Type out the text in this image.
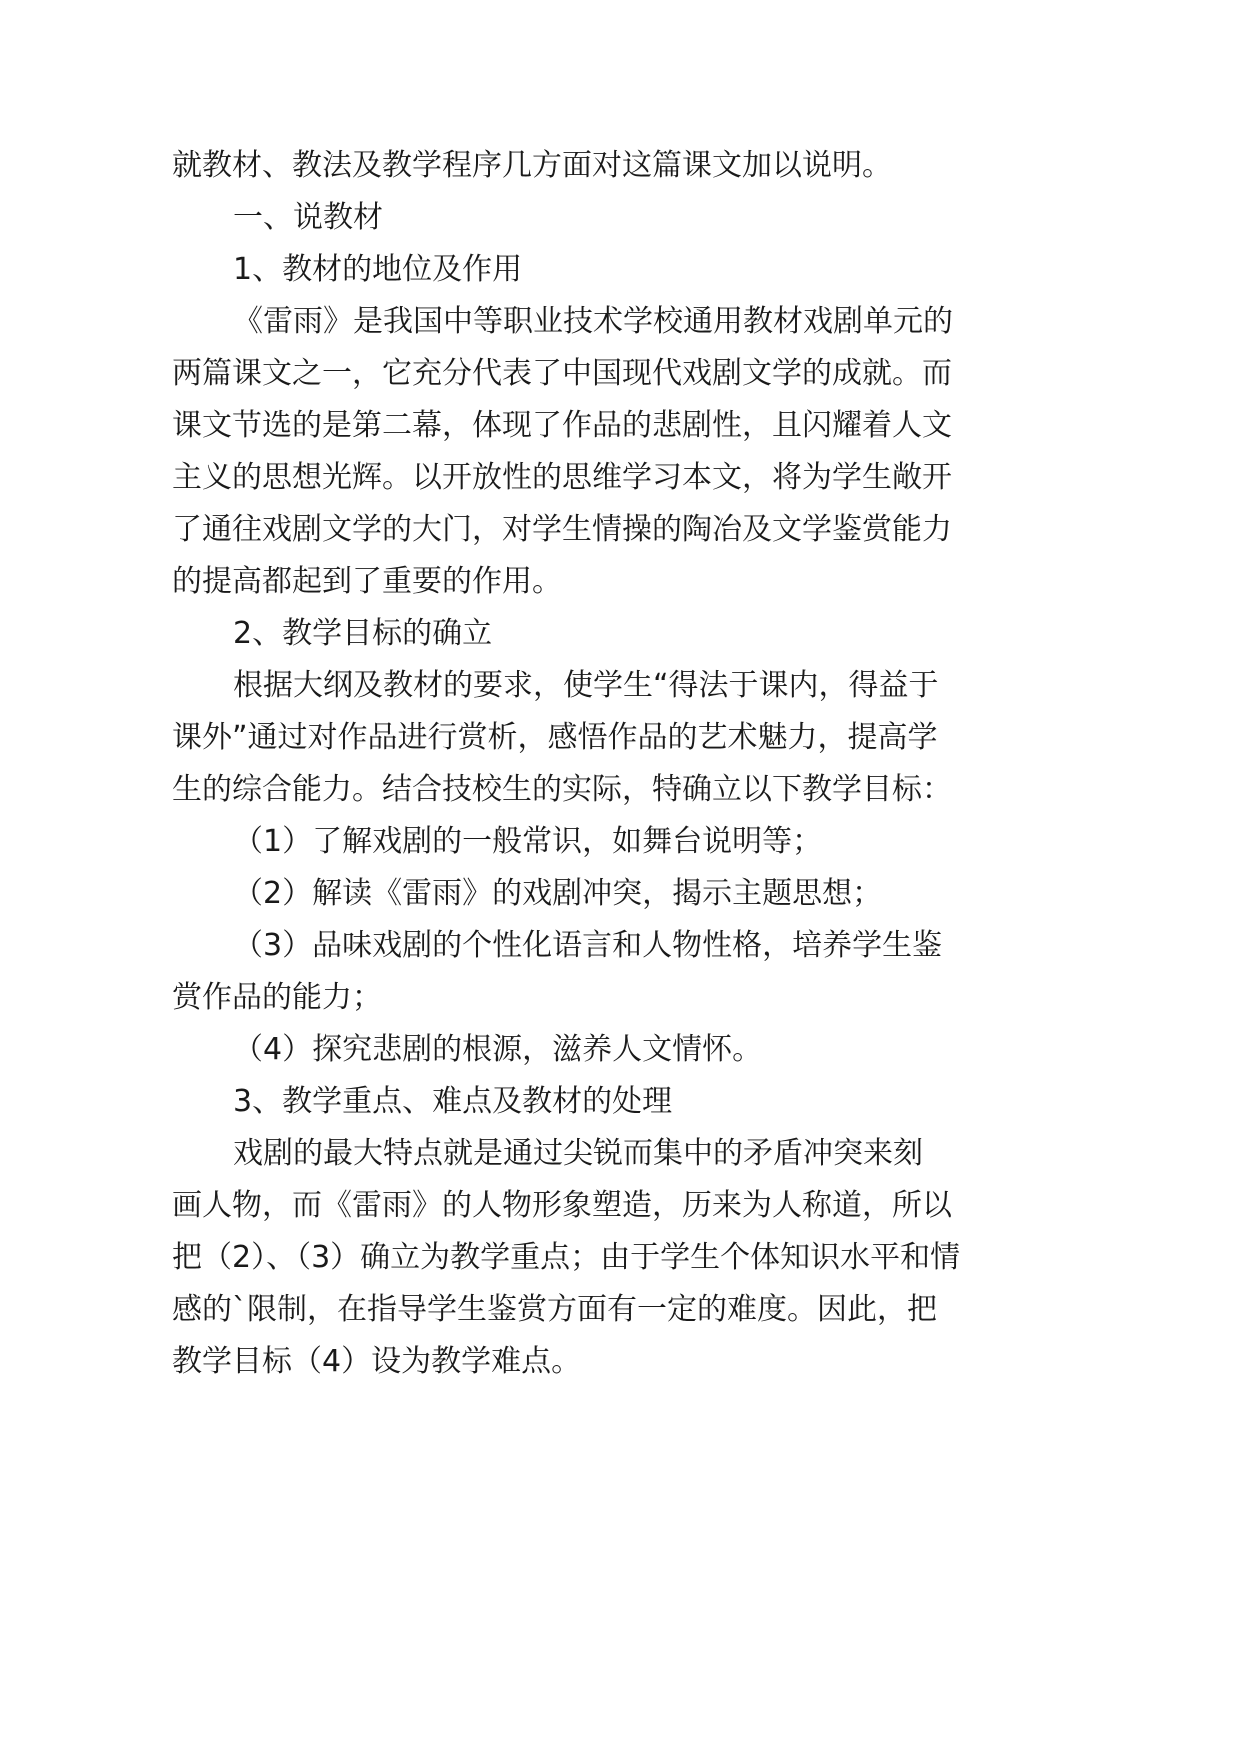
就教材、教法及教学程序几方面对这篇课文加以说明。

一、说教材

1、教材的地位及作用

《雷雨》是我国中等职业技术学校通用教材戏剧单元的

两篇课文之一，它充分代表了中国现代戏剧文学的成就。而

课文节选的是第二幕，体现了作品的悲剧性，且闪耀着人文

主义的思想光辉。以开放性的思维学习本文，将为学生敞开

了通往戏剧文学的大门，对学生情操的陶冶及文学鉴赏能力

的提高都起到了重要的作用。

2、教学目标的确立

根据大纲及教材的要求，使学生“得法于课内，得益于

课外”通过对作品进行赏析，感悟作品的艺术魅力，提高学

生的综合能力。结合技校生的实际，特确立以下教学目标：

（1）了解戏剧的一般常识，如舞台说明等；

（2）解读《雷雨》的戏剧冲突，揭示主题思想；

（3）品味戏剧的个性化语言和人物性格，培养学生鉴

赏作品的能力；

（4）探究悲剧的根源，滋养人文情怀。

3、教学重点、难点及教材的处理

戏剧的最大特点就是通过尖锐而集中的矛盾冲突来刻

画人物，而《雷雨》的人物形象塑造，历来为人称道，所以

把（2）、（3）确立为教学重点；由于学生个体知识水平和情

感的`限制，在指导学生鉴赏方面有一定的难度。因此，把

教学目标（4）设为教学难点。
